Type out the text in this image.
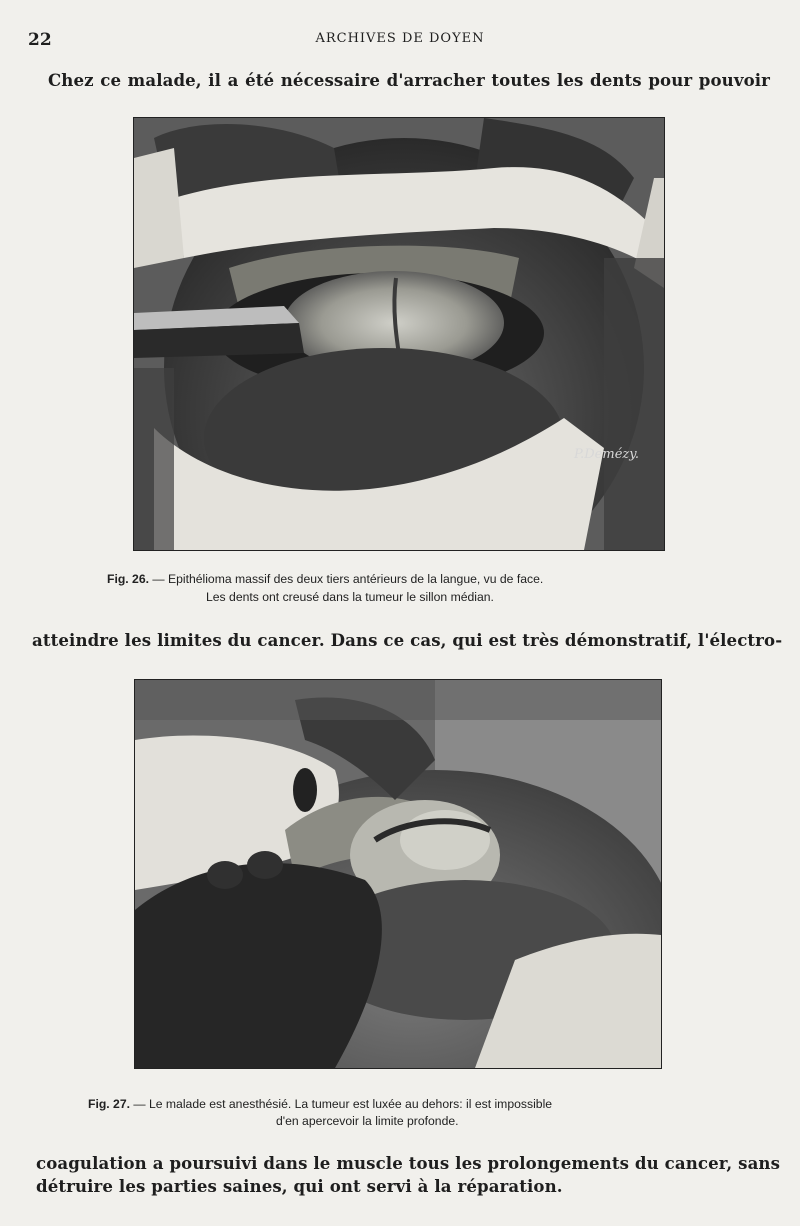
22	ARCHIVES DE DOYEN
Chez ce malade, il a été nécessaire d'arracher toutes les dents pour pouvoir
P.Demézy.
Fig. 26. — Epithélioma massif des deux tiers antérieurs de la langue, vu de face.
Les dents ont creusé dans la tumeur le sillon médian.
atteindre les limites du cancer. Dans ce cas, qui est très démonstratif, l'électro-
Fig. 27. — Le malade est anesthésié. La tumeur est luxée au dehors: il est impossible
d'en apercevoir la limite profonde.
coagulation a poursuivi dans le muscle tous les prolongements du cancer, sans
détruire les parties saines, qui ont servi à la réparation.
